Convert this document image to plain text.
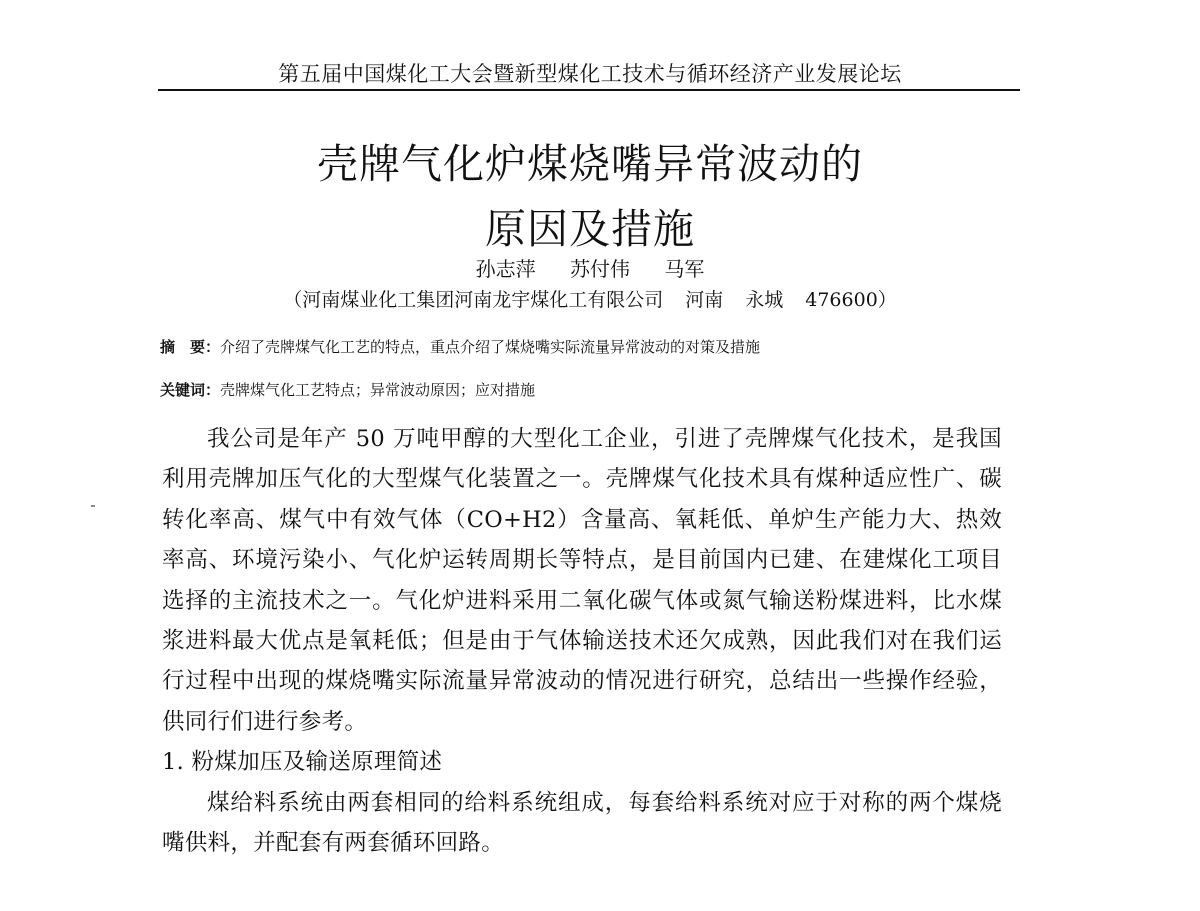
第五届中国煤化工大会暨新型煤化工技术与循环经济产业发展论坛
壳牌气化炉煤烧嘴异常波动的
原因及措施
孙志萍 苏付伟 马军
（河南煤业化工集团河南龙宇煤化工有限公司 河南 永城 476600）
摘　要：介绍了壳牌煤气化工艺的特点，重点介绍了煤烧嘴实际流量异常波动的对策及措施
关键词：壳牌煤气化工艺特点；异常波动原因；应对措施

我公司是年产 50 万吨甲醇的大型化工企业，引进了壳牌煤气化技术，是我国利用壳牌加压气化的大型煤气化装置之一。壳牌煤气化技术具有煤种适应性广、碳转化率高、煤气中有效气体（CO+H2）含量高、氧耗低、单炉生产能力大、热效率高、环境污染小、气化炉运转周期长等特点，是目前国内已建、在建煤化工项目选择的主流技术之一。气化炉进料采用二氧化碳气体或氮气输送粉煤进料，比水煤浆进料最大优点是氧耗低；但是由于气体输送技术还欠成熟，因此我们对在我们运行过程中出现的煤烧嘴实际流量异常波动的情况进行研究，总结出一些操作经验，供同行们进行参考。

1. 粉煤加压及输送原理简述

煤给料系统由两套相同的给料系统组成，每套给料系统对应于对称的两个煤烧嘴供料，并配套有两套循环回路。
